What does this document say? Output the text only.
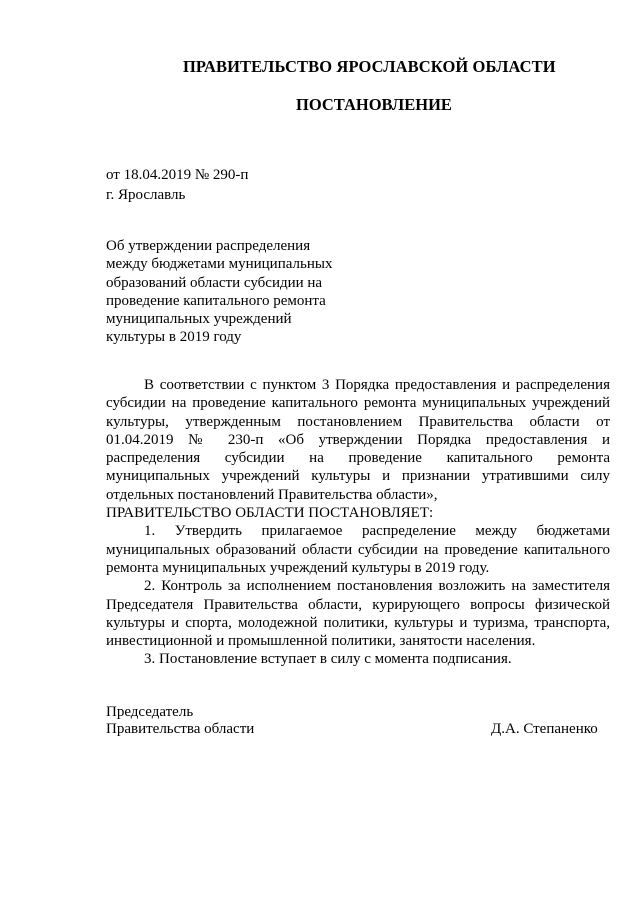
ПРАВИТЕЛЬСТВО ЯРОСЛАВСКОЙ ОБЛАСТИ
ПОСТАНОВЛЕНИЕ
от 18.04.2019 № 290-п
г. Ярославль
Об утверждении распределения
между бюджетами муниципальных
образований области субсидии на
проведение капитального ремонта
муниципальных учреждений
культуры в 2019 году
В соответствии с пунктом 3 Порядка предоставления и распределения субсидии на проведение капитального ремонта муниципальных учреждений культуры, утвержденным постановлением Правительства области от 01.04.2019 № 230-п «Об утверждении Порядка предоставления и распределения субсидии на проведение капитального ремонта муниципальных учреждений культуры и признании утратившими силу отдельных постановлений Правительства области»,
ПРАВИТЕЛЬСТВО ОБЛАСТИ ПОСТАНОВЛЯЕТ:
1. Утвердить прилагаемое распределение между бюджетами муниципальных образований области субсидии на проведение капитального ремонта муниципальных учреждений культуры в 2019 году.
2. Контроль за исполнением постановления возложить на заместителя Председателя Правительства области, курирующего вопросы физической культуры и спорта, молодежной политики, культуры и туризма, транспорта, инвестиционной и промышленной политики, занятости населения.
3. Постановление вступает в силу с момента подписания.
Председатель
Правительства области	Д.А. Степаненко
